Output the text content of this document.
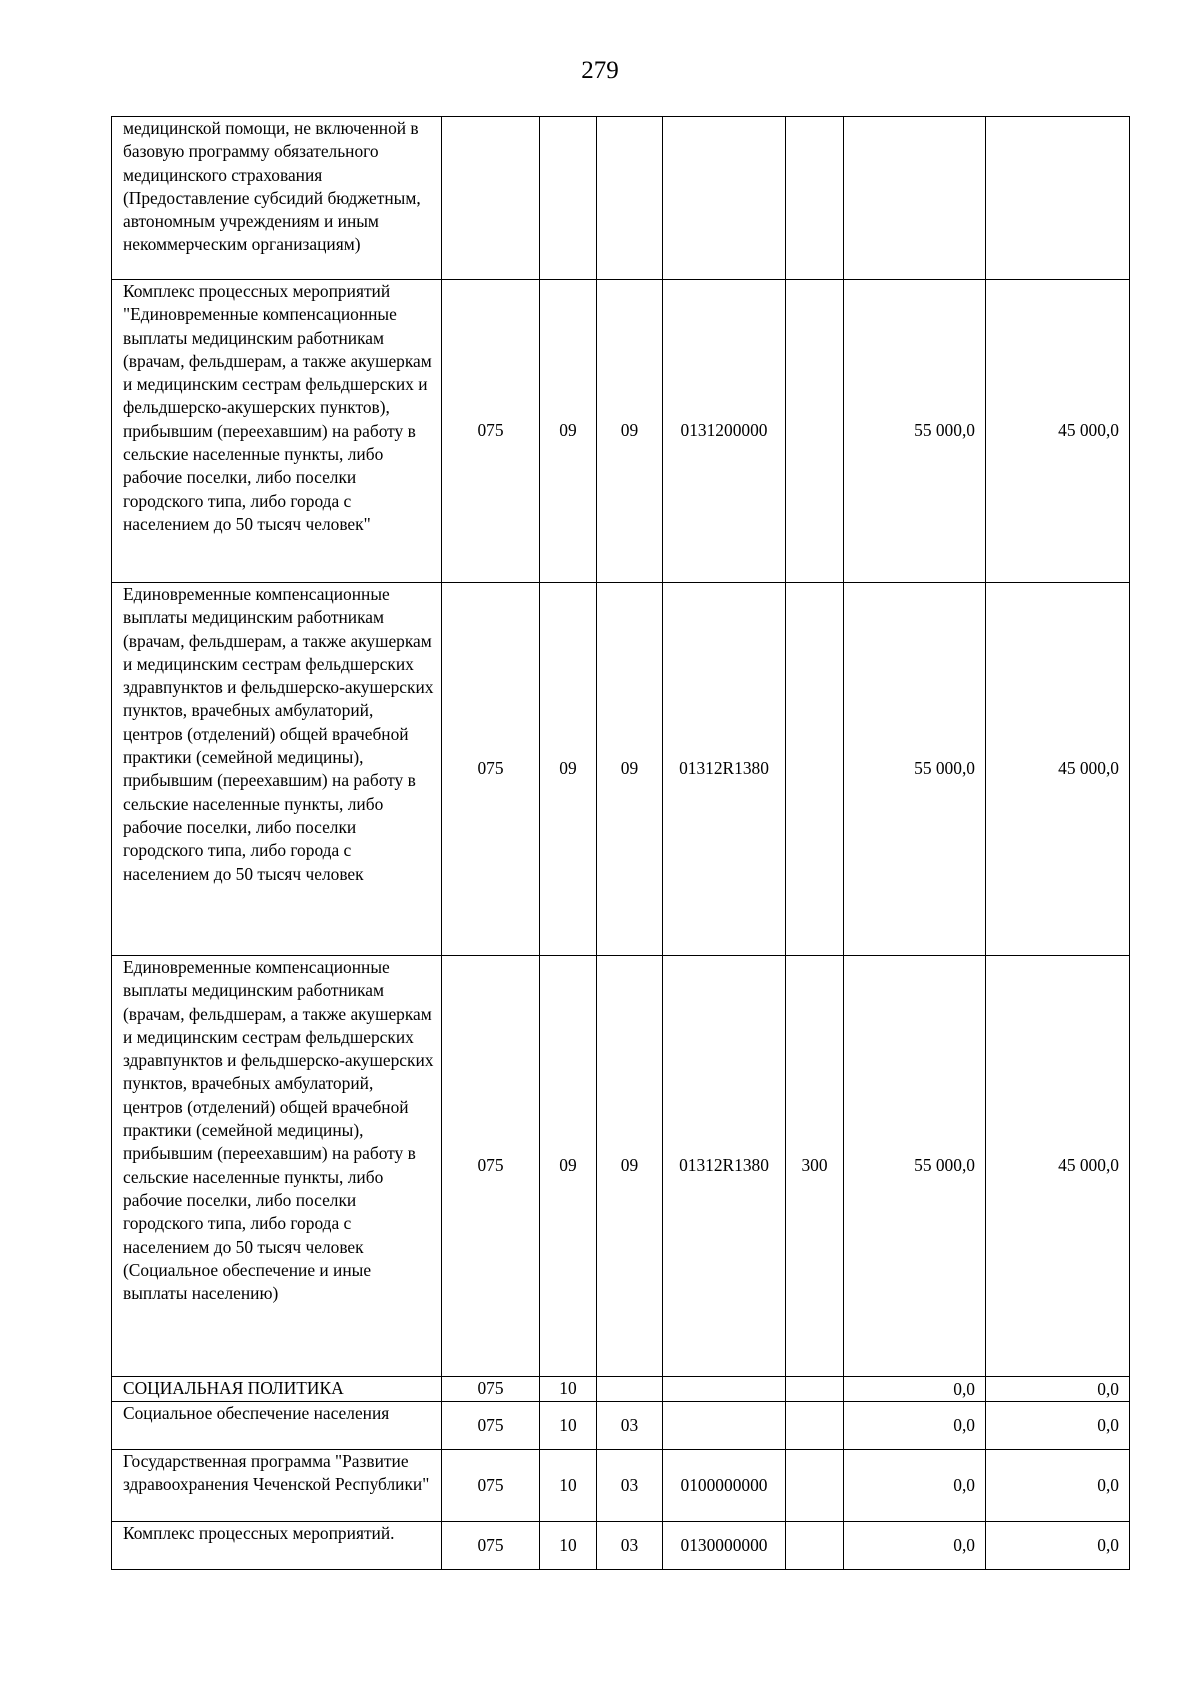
279
медицинской помощи, не включенной в базовую программу обязательного медицинского страхования (Предоставление субсидий бюджетным, автономным учреждениям и иным некоммерческим организациям)							
Комплекс процессных мероприятий "Единовременные компенсационные выплаты медицинским работникам (врачам, фельдшерам, а также акушеркам и медицинским сестрам фельдшерских и фельдшерско-акушерских пунктов), прибывшим (переехавшим) на работу в сельские населенные пункты, либо рабочие поселки, либо поселки городского типа, либо города с населением до 50 тысяч человек"	075	09	09	0131200000		55 000,0	45 000,0
Единовременные компенсационные выплаты медицинским работникам (врачам, фельдшерам, а также акушеркам и медицинским сестрам фельдшерских здравпунктов и фельдшерско-акушерских пунктов, врачебных амбулаторий, центров (отделений) общей врачебной практики (семейной медицины), прибывшим (переехавшим) на работу в сельские населенные пункты, либо рабочие поселки, либо поселки городского типа, либо города с населением до 50 тысяч человек	075	09	09	01312R1380		55 000,0	45 000,0
Единовременные компенсационные выплаты медицинским работникам (врачам, фельдшерам, а также акушеркам и медицинским сестрам фельдшерских здравпунктов и фельдшерско-акушерских пунктов, врачебных амбулаторий, центров (отделений) общей врачебной практики (семейной медицины), прибывшим (переехавшим) на работу в сельские населенные пункты, либо рабочие поселки, либо поселки городского типа, либо города с населением до 50 тысяч человек (Социальное обеспечение и иные выплаты населению)	075	09	09	01312R1380	300	55 000,0	45 000,0
СОЦИАЛЬНАЯ ПОЛИТИКА	075	10				0,0	0,0
Социальное обеспечение населения	075	10	03			0,0	0,0
Государственная программа "Развитие здравоохранения Чеченской Республики"	075	10	03	0100000000		0,0	0,0
Комплекс процессных мероприятий.	075	10	03	0130000000		0,0	0,0
